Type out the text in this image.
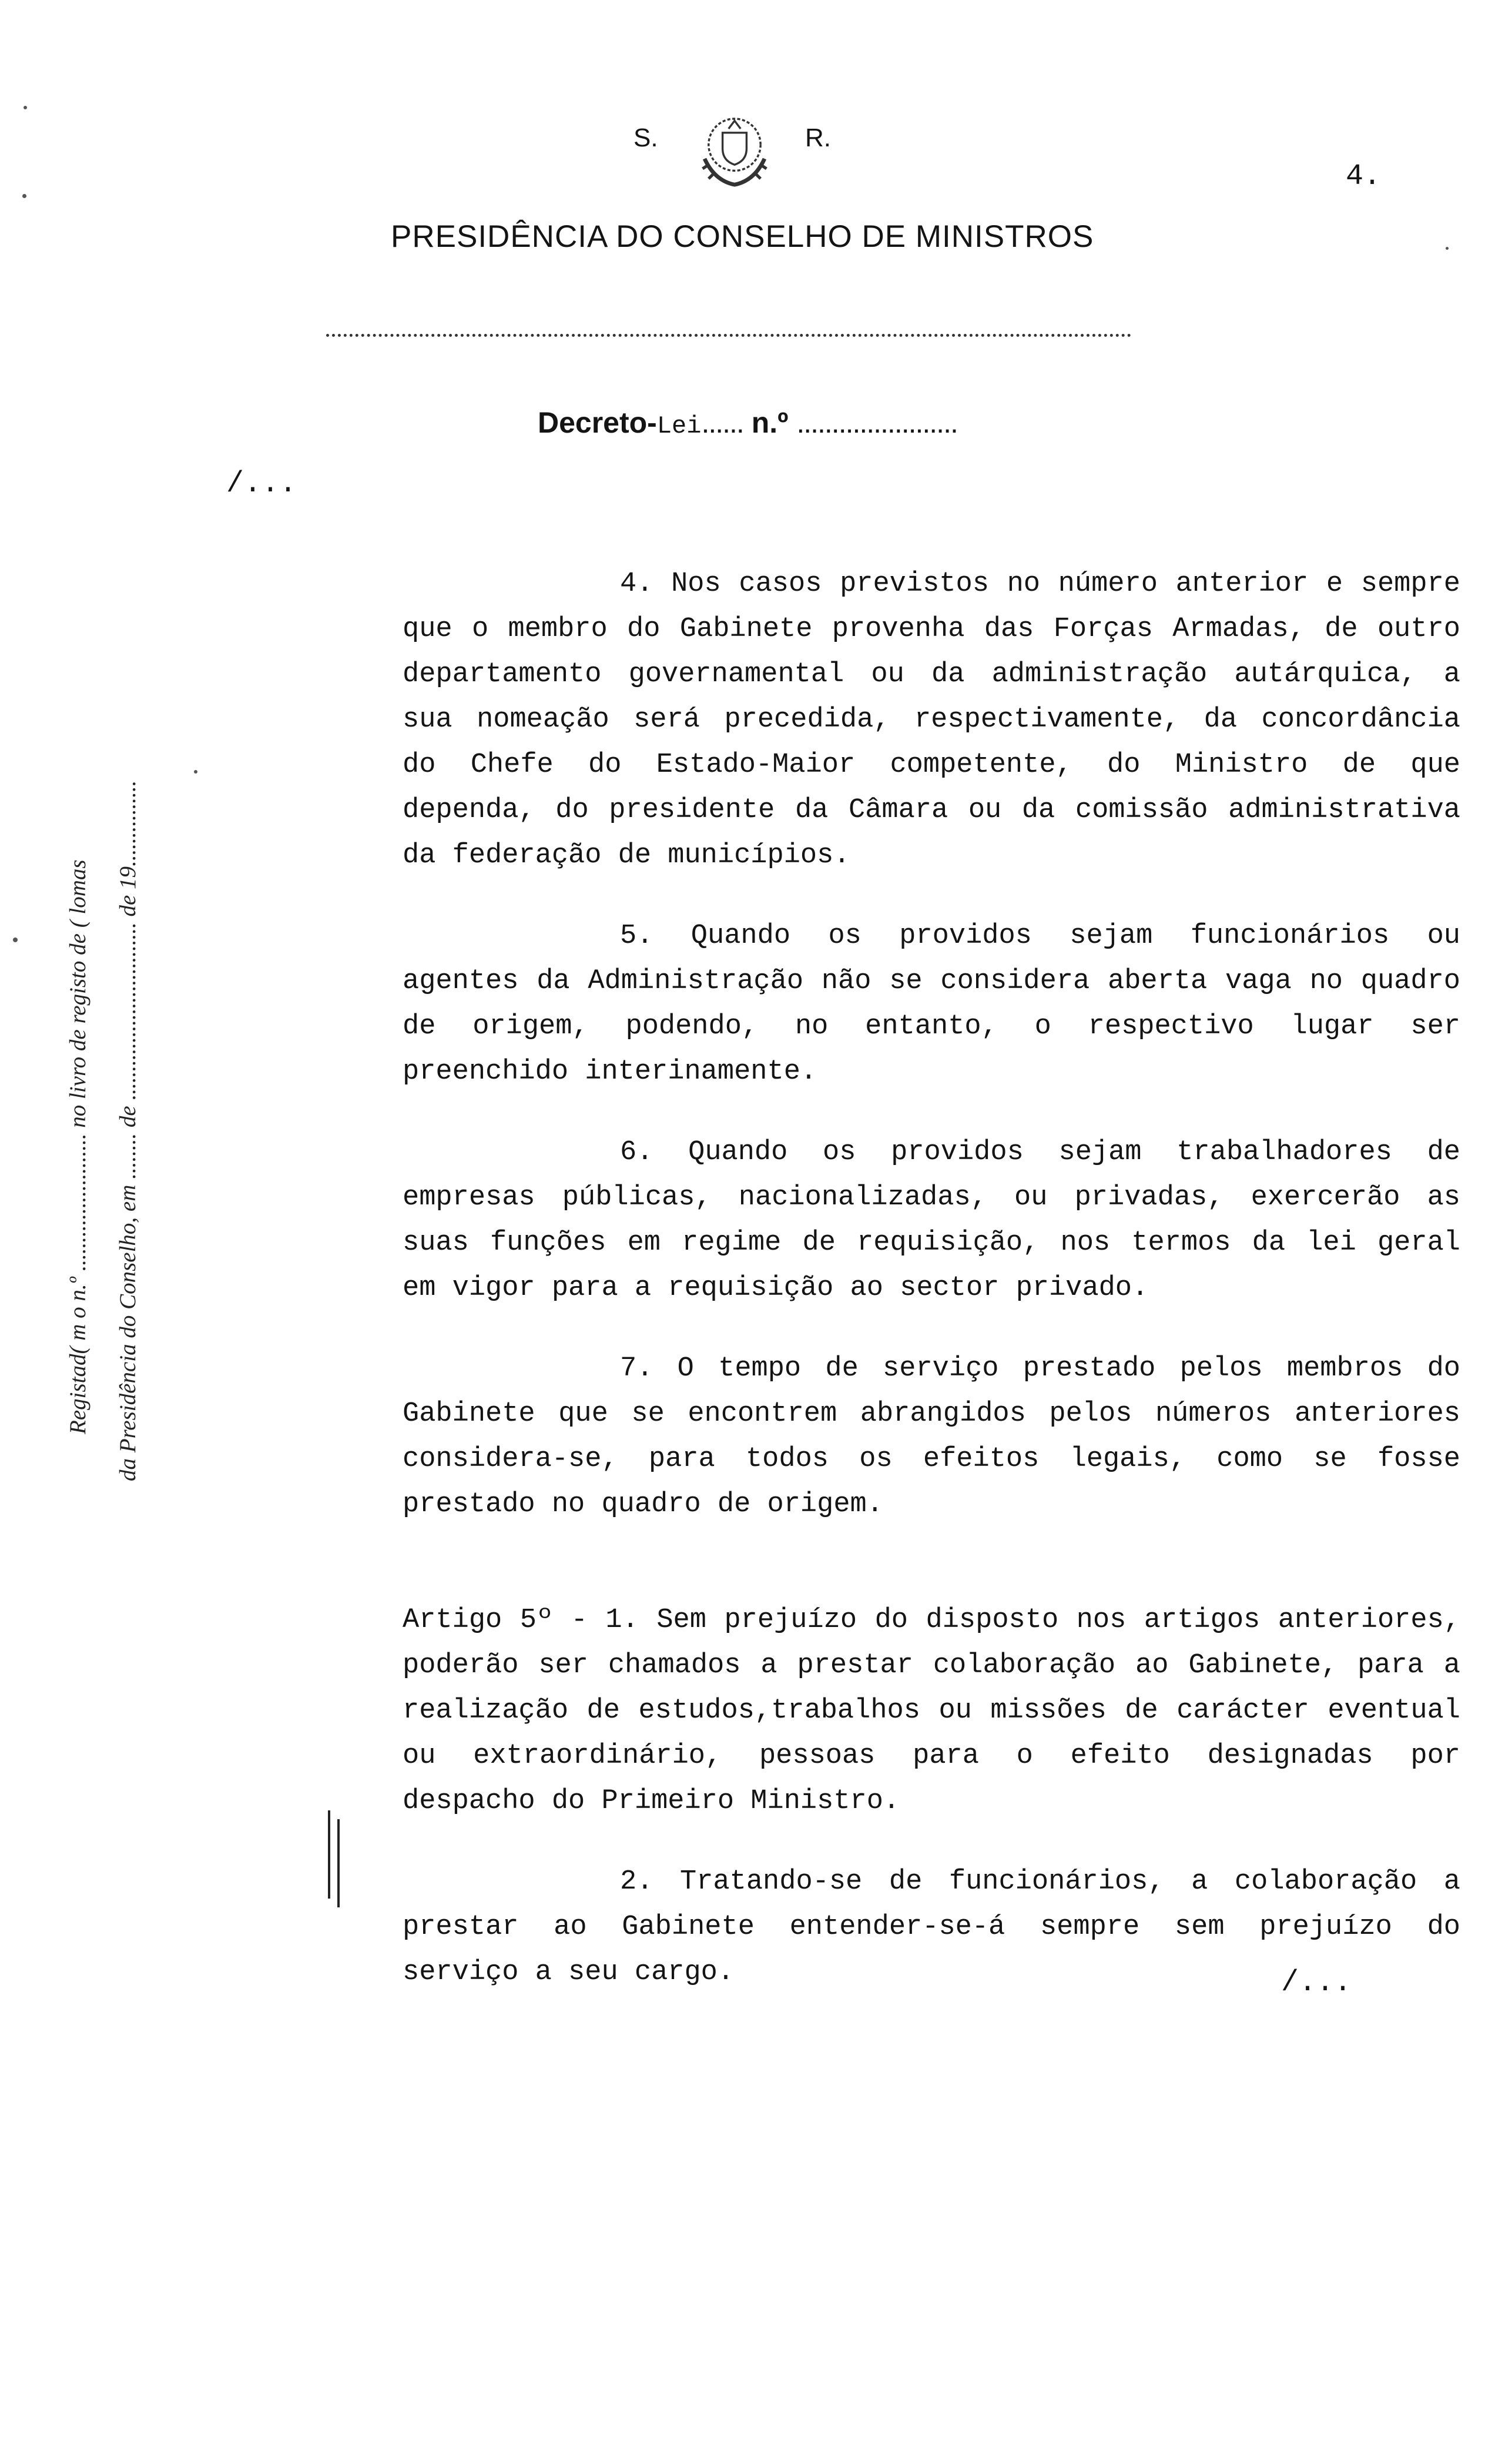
S.	R.
4.
PRESIDÊNCIA DO CONSELHO DE MINISTROS
Decreto-Lei...... n.º .......................
/...
Registad( m o n.º ........................ no livro de registo de ( lomas da Presidência do Conselho, em ........ de ............................... de 19...............

4. Nos casos previstos no número anterior e sempre que o membro do Gabinete provenha das Forças Armadas, de outro departamento governamental ou da administração autárquica, a sua nomeação será precedida, respectivamente, da concordância do Chefe do Estado-Maior competente, do Ministro de que dependa, do presidente da Câmara ou da comissão administrativa da federação de municípios.

5. Quando os providos sejam funcionários ou agentes da Administração não se considera aberta vaga no quadro de origem, podendo, no entanto, o respectivo lugar ser preenchido interinamente.

6. Quando os providos sejam trabalhadores de empresas públicas, nacionalizadas, ou privadas, exercerão as suas funções em regime de requisição, nos termos da lei geral em vigor para a requisição ao sector privado.

7. O tempo de serviço prestado pelos membros do Gabinete que se encontrem abrangidos pelos números anteriores considera-se, para todos os efeitos legais, como se fosse prestado no quadro de origem.

Artigo 5º - 1. Sem prejuízo do disposto nos artigos anteriores, poderão ser chamados a prestar colaboração ao Gabinete, para a realização de estudos,trabalhos ou missões de carácter eventual ou extraordinário, pessoas para o efeito designadas por despacho do Primeiro Ministro.

2. Tratando-se de funcionários, a colaboração a prestar ao Gabinete entender-se-á sempre sem prejuízo do serviço a seu cargo.	/...
